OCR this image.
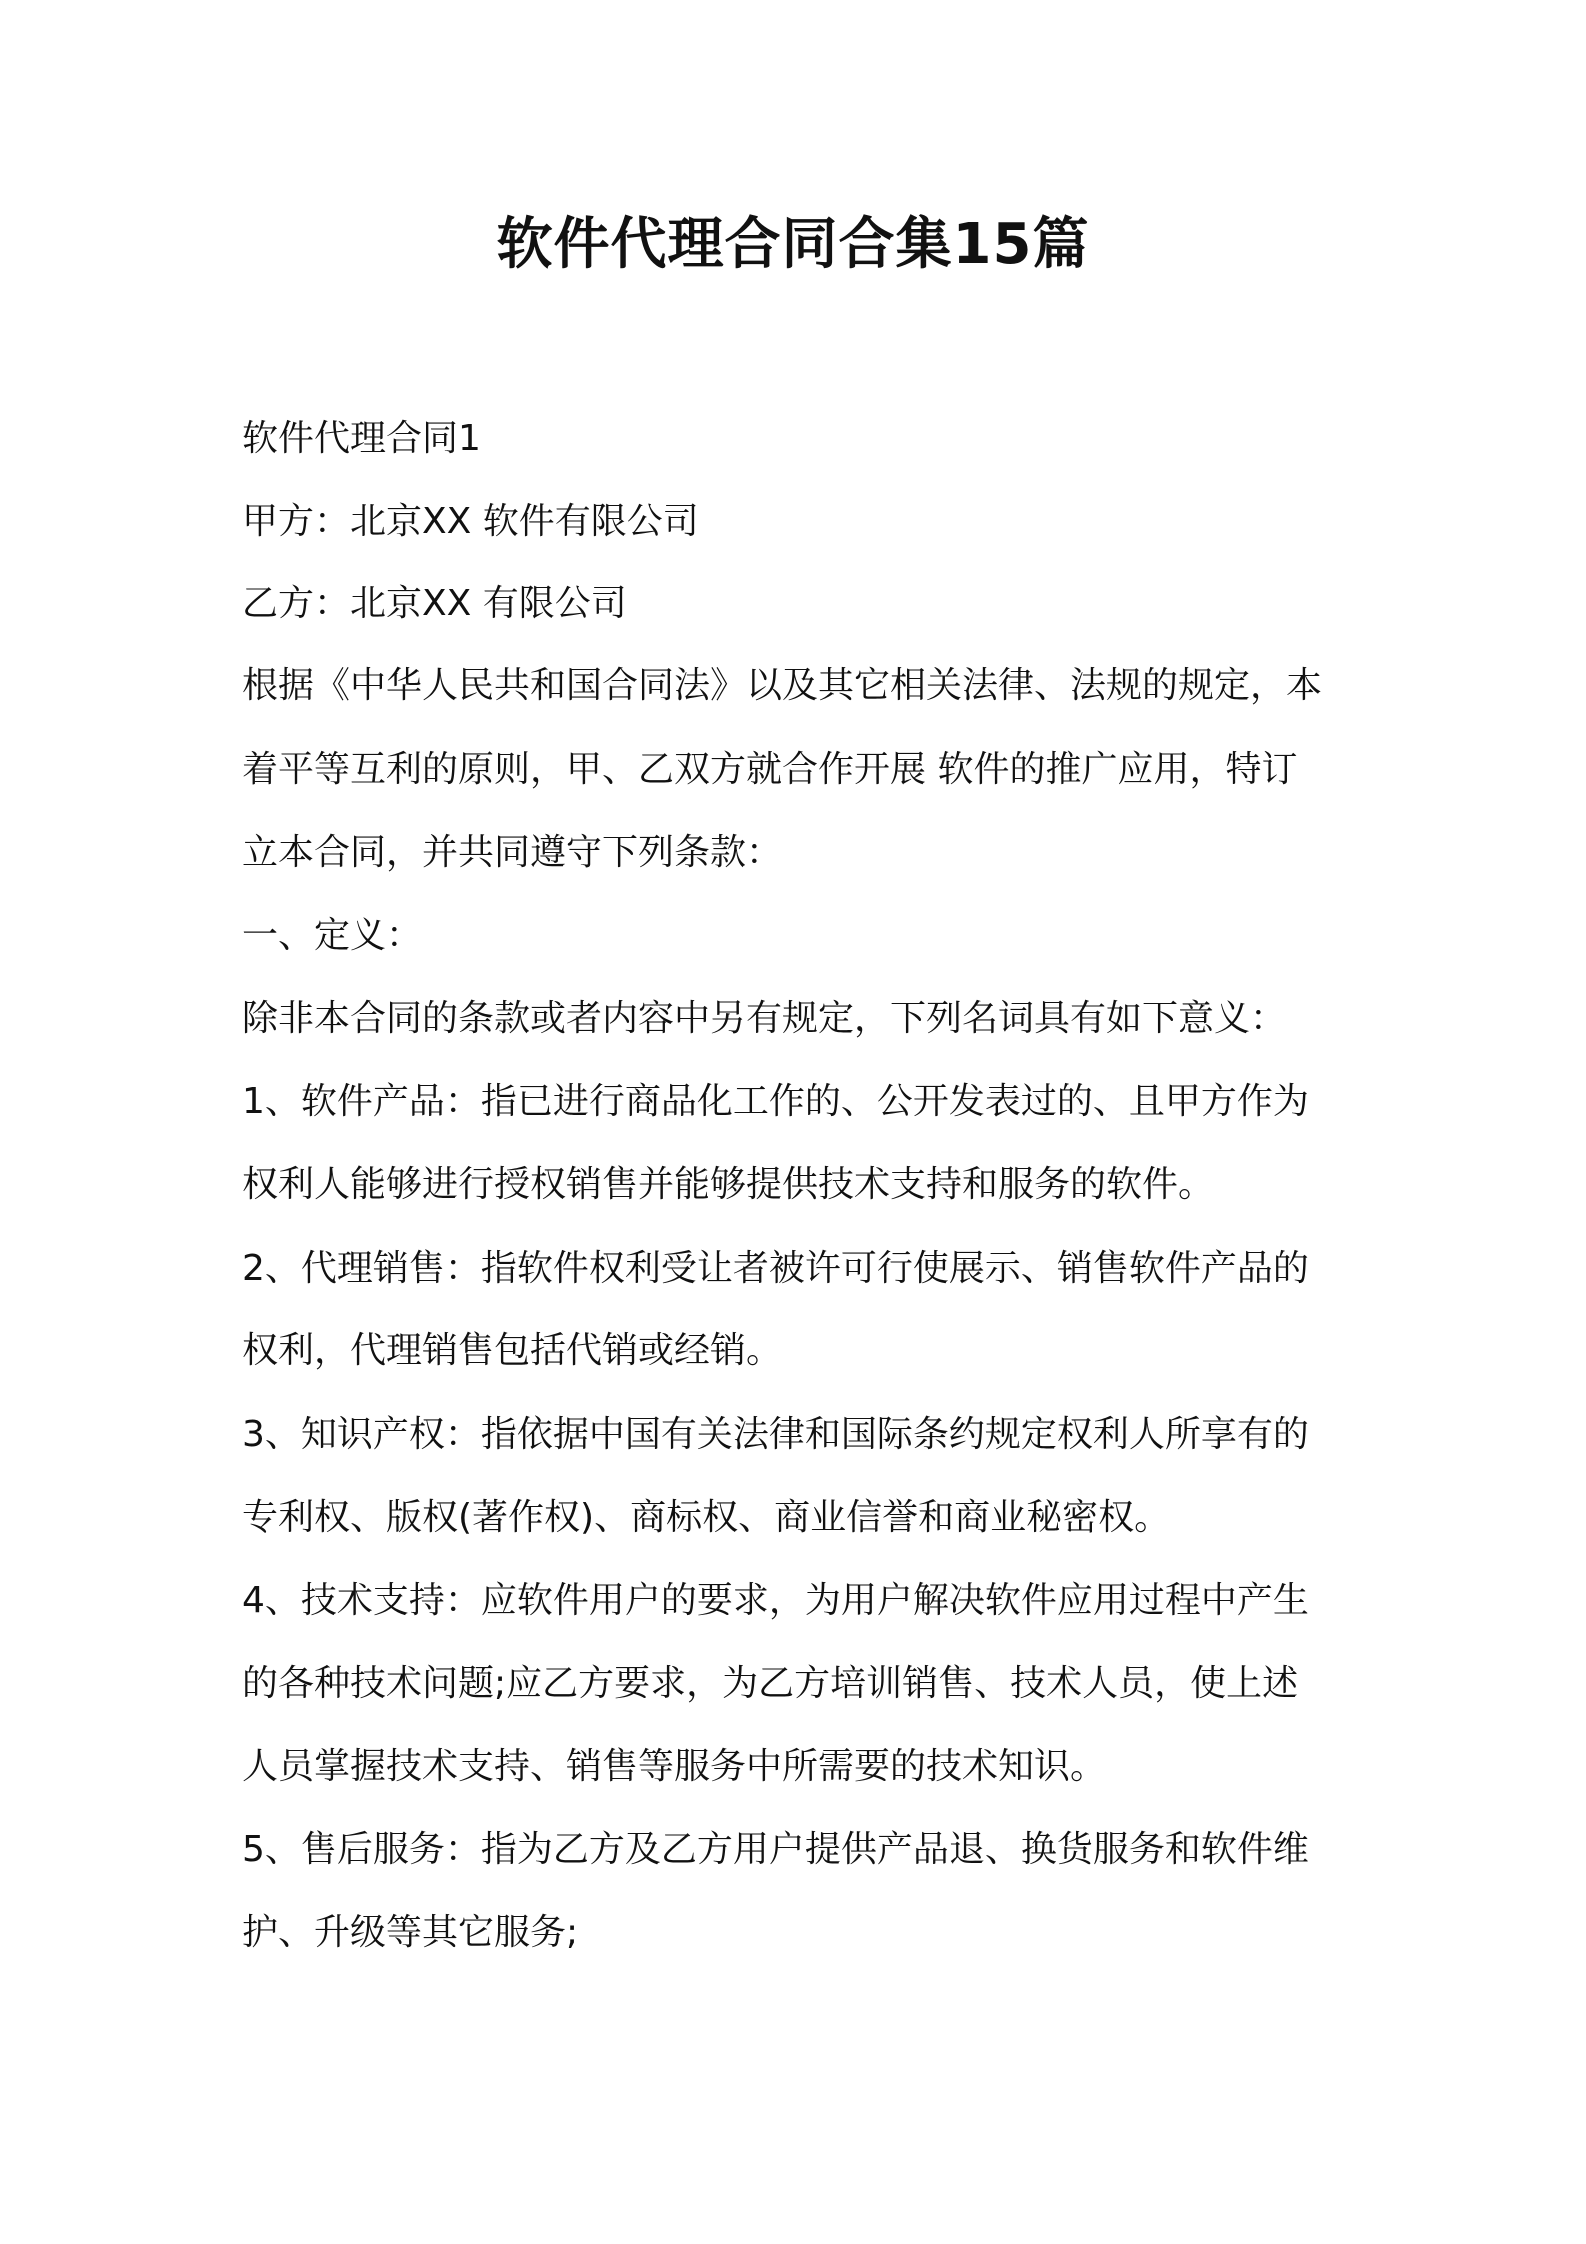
软件代理合同合集15篇
软件代理合同1
甲方：北京XX 软件有限公司
乙方：北京XX 有限公司
根据《中华人民共和国合同法》以及其它相关法律、法规的规定，本
着平等互利的原则，甲、乙双方就合作开展 软件的推广应用，特订
立本合同，并共同遵守下列条款：
一、定义：
除非本合同的条款或者内容中另有规定，下列名词具有如下意义：
1、软件产品：指已进行商品化工作的、公开发表过的、且甲方作为
权利人能够进行授权销售并能够提供技术支持和服务的软件。
2、代理销售：指软件权利受让者被许可行使展示、销售软件产品的
权利，代理销售包括代销或经销。
3、知识产权：指依据中国有关法律和国际条约规定权利人所享有的
专利权、版权(著作权)、商标权、商业信誉和商业秘密权。
4、技术支持：应软件用户的要求，为用户解决软件应用过程中产生
的各种技术问题;应乙方要求，为乙方培训销售、技术人员，使上述
人员掌握技术支持、销售等服务中所需要的技术知识。
5、售后服务：指为乙方及乙方用户提供产品退、换货服务和软件维
护、升级等其它服务;
